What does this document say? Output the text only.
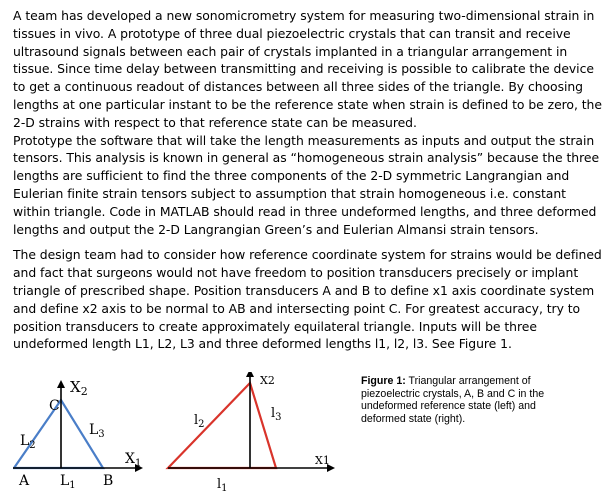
A team has developed a new sonomicrometry system for measuring two-dimensional strain in
tissues in vivo. A prototype of three dual piezoelectric crystals that can transit and receive
ultrasound signals between each pair of crystals implanted in a triangular arrangement in
tissue. Since time delay between transmitting and receiving is possible to calibrate the device
to get a continuous readout of distances between all three sides of the triangle. By choosing
lengths at one particular instant to be the reference state when strain is defined to be zero, the
2-D strains with respect to that reference state can be measured.

Prototype the software that will take the length measurements as inputs and output the strain
tensors. This analysis is known in general as “homogeneous strain analysis” because the three
lengths are sufficient to find the three components of the 2-D symmetric Langrangian and
Eulerian finite strain tensors subject to assumption that strain homogeneous i.e. constant
within triangle. Code in MATLAB should read in three undeformed lengths, and three deformed
lengths and output the 2-D Langrangian Green’s and Eulerian Almansi strain tensors.

The design team had to consider how reference coordinate system for strains would be defined
and fact that surgeons would not have freedom to position transducers precisely or implant
triangle of prescribed shape. Position transducers A and B to define x1 axis coordinate system
and define x2 axis to be normal to AB and intersecting point C. For greatest accuracy, try to
position transducers to create approximately equilateral triangle. Inputs will be three
undeformed length L1, L2, L3 and three deformed lengths l1, l2, l3. See Figure 1.

$X_2$
C
$L_2$
$L_3$
$X_1$
A $L_1$ B
X2
$l_2$
$l_3$
X1
$l_1$
Figure 1: Triangular arrangement of piezoelectric crystals, A, B and C in the undeformed reference state (left) and deformed state (right).
